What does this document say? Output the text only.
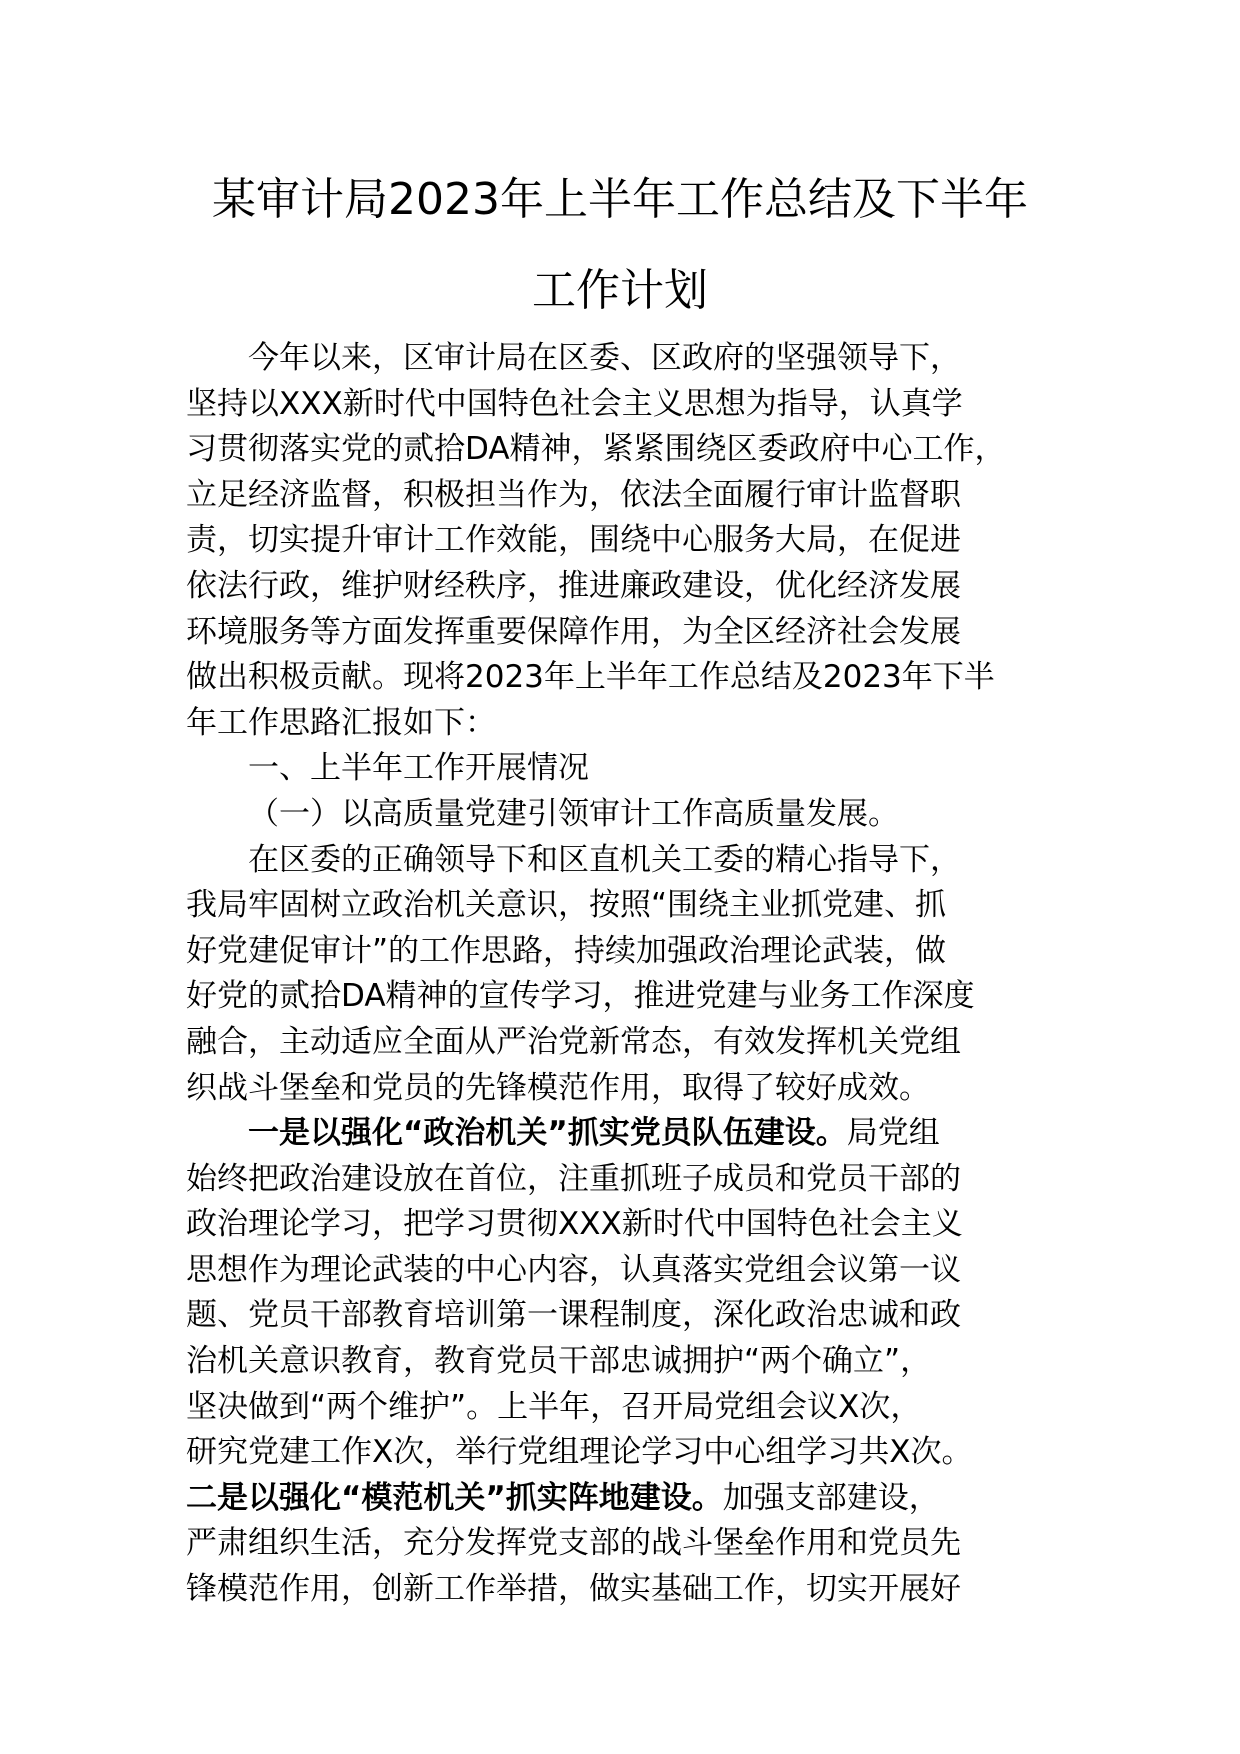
某审计局2023年上半年工作总结及下半年
工作计划
今年以来，区审计局在区委、区政府的坚强领导下，
坚持以XXX新时代中国特色社会主义思想为指导，认真学
习贯彻落实党的贰拾DA精神，紧紧围绕区委政府中心工作，
立足经济监督，积极担当作为，依法全面履行审计监督职
责，切实提升审计工作效能，围绕中心服务大局，在促进
依法行政，维护财经秩序，推进廉政建设，优化经济发展
环境服务等方面发挥重要保障作用，为全区经济社会发展
做出积极贡献。现将2023年上半年工作总结及2023年下半
年工作思路汇报如下：
一、上半年工作开展情况
（一）以高质量党建引领审计工作高质量发展。
在区委的正确领导下和区直机关工委的精心指导下，
我局牢固树立政治机关意识，按照“围绕主业抓党建、抓
好党建促审计”的工作思路，持续加强政治理论武装，做
好党的贰拾DA精神的宣传学习，推进党建与业务工作深度
融合，主动适应全面从严治党新常态，有效发挥机关党组
织战斗堡垒和党员的先锋模范作用，取得了较好成效。
一是以强化“政治机关”抓实党员队伍建设。局党组
始终把政治建设放在首位，注重抓班子成员和党员干部的
政治理论学习，把学习贯彻XXX新时代中国特色社会主义
思想作为理论武装的中心内容，认真落实党组会议第一议
题、党员干部教育培训第一课程制度，深化政治忠诚和政
治机关意识教育，教育党员干部忠诚拥护“两个确立”，
坚决做到“两个维护”。上半年，召开局党组会议X次，
研究党建工作X次，举行党组理论学习中心组学习共X次。
二是以强化“模范机关”抓实阵地建设。加强支部建设，
严肃组织生活，充分发挥党支部的战斗堡垒作用和党员先
锋模范作用，创新工作举措，做实基础工作，切实开展好
